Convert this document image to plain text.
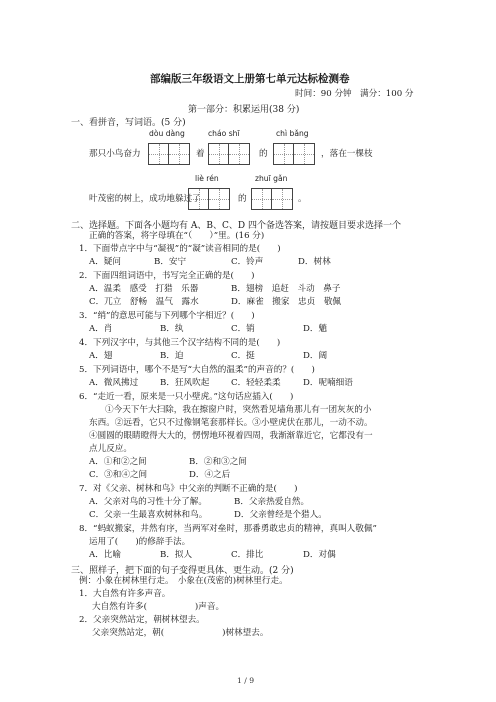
部编版三年级语文上册第七单元达标检测卷
时间：90 分钟 满分：100 分
第一部分：积累运用(38 分)
一、看拼音，写词语。(5 分)
dòu dàng	cháo shī	chì bǎng
那只小鸟奋力	着	的	，落在一棵枝
liè rén	zhuī gǎn
叶茂密的树上，成功地躲过了	的	。
二、选择题。下面各小题均有 A、B、C、D 四个备选答案，请按题目要求选择一个
正确的答案，将字母填在“（　　）”里。(16 分)
1．下面带点字中与“凝视”的“凝”读音相同的是(　　)
A．疑问	B．安宁	C．铃声	D．树林
2．下面四组词语中，书写完全正确的是(　　)
A．温柔　感受　打猎　乐器	B．翅榜　追赶　斗动　鼻子
C．兀立　舒畅　温气　露水	D．麻雀　搬家　忠贞　敬佩
3．“绡”的意思可能与下列哪个字相近？(　　)
A．肖	B．纨	C．销	D．魈
4．下列汉字中，与其他三个汉字结构不同的是(　　)
A．翅	B．迫	C．挺	D．阔
5．下列词语中，哪个不是写“大自然的温柔”的声音的？(　　)
A．微风拂过	B．狂风吹起	C．轻轻柔柔	D．呢喃细语
6．“走近一看，原来是一只小壁虎。”这句话应插入(　　)
①今天下午大扫除，我在擦窗户时，突然看见墙角那儿有一团灰灰的小
东西。②远看，它只不过像钢笔套那样长。③小壁虎伏在那儿，一动不动。
④圆圆的眼睛瞪得大大的，愣愣地环视着四周，我渐渐靠近它，它都没有一
点儿反应。
A．①和②之间	B．②和③之间
C．③和④之间	D．④之后
7．对《父亲、树林和鸟》中父亲的判断不正确的是(　　)
A．父亲对鸟的习性十分了解。	B．父亲热爱自然。
C．父亲一生最喜欢树林和鸟。	D．父亲曾经是个猎人。
8．“蚂蚁搬家，井然有序，当两军对垒时，那番勇敢忠贞的精神，真叫人敬佩”
运用了(　　)的修辞手法。
A．比喻	B．拟人	C．排比	D．对偶
三、照样子，把下面的句子变得更具体、更生动。(2 分)
例：小象在树林里行走。　小象在(茂密的)树林里行走。
1．大自然有许多声音。
大自然有许多(	)声音。
2．父亲突然站定，朝树林望去。
父亲突然站定，朝(	)树林望去。
1 / 9
